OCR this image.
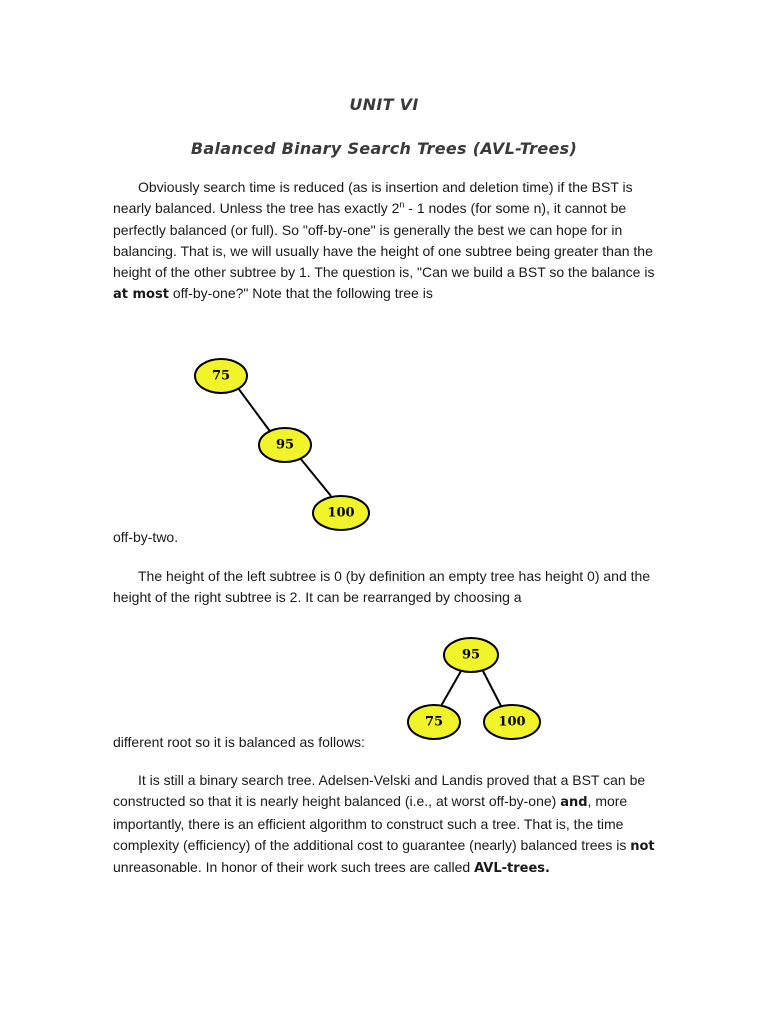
UNIT VI
Balanced Binary Search Trees (AVL-Trees)

Obviously search time is reduced (as is insertion and deletion time) if the BST is nearly balanced. Unless the tree has exactly 2$^n$ - 1 nodes (for some n), it cannot be perfectly balanced (or full). So "off-by-one" is generally the best we can hope for in balancing. That is, we will usually have the height of one subtree being greater than the height of the other subtree by 1. The question is, "Can we build a BST so the balance is at most off-by-one?" Note that the following tree is

75
95
100
95
75	100

off-by-two.

The height of the left subtree is 0 (by definition an empty tree has height 0) and the height of the right subtree is 2. It can be rearranged by choosing a

different root so it is balanced as follows:

It is still a binary search tree. Adelsen-Velski and Landis proved that a BST can be constructed so that it is nearly height balanced (i.e., at worst off-by-one) and, more importantly, there is an efficient algorithm to construct such a tree. That is, the time complexity (efficiency) of the additional cost to guarantee (nearly) balanced trees is not unreasonable. In honor of their work such trees are called AVL-trees.
